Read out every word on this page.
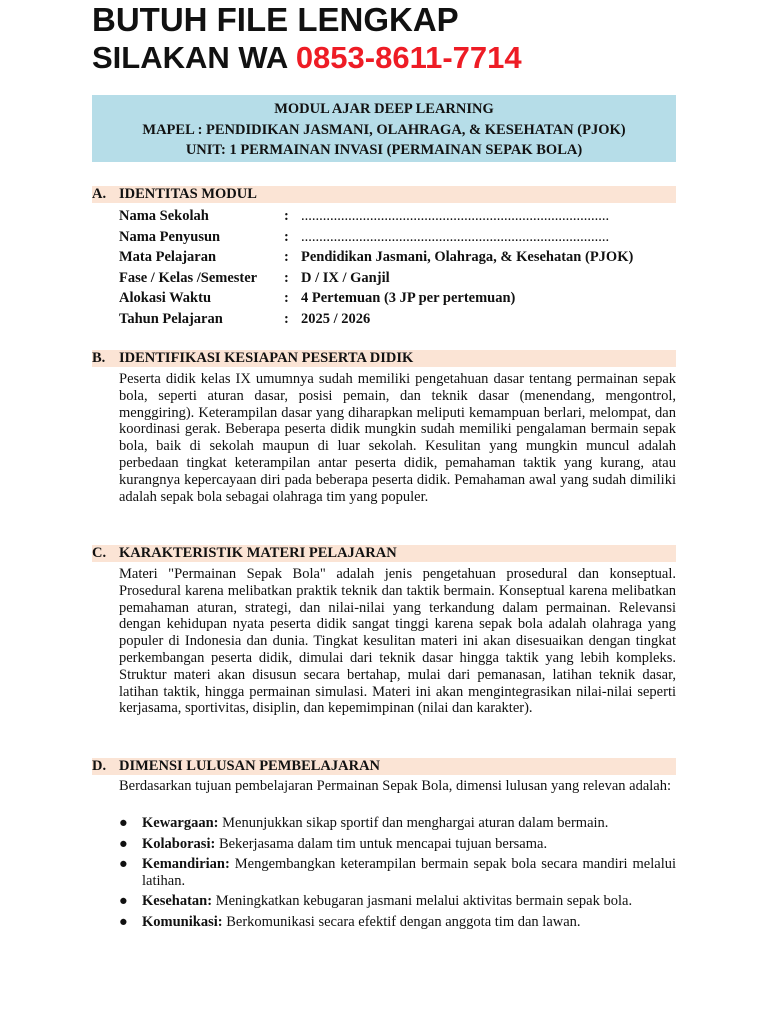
BUTUH FILE LENGKAP
SILAKAN WA 0853-8611-7714
MODUL AJAR DEEP LEARNING
MAPEL : PENDIDIKAN JASMANI, OLAHRAGA, & KESEHATAN (PJOK)
UNIT: 1 PERMAINAN INVASI (PERMAINAN SEPAK BOLA)
A. IDENTITAS MODUL
Nama Sekolah	: .....................................................................................
Nama Penyusun	: .....................................................................................
Mata Pelajaran	: Pendidikan Jasmani, Olahraga, & Kesehatan (PJOK)
Fase / Kelas /Semester : D / IX / Ganjil
Alokasi Waktu	: 4 Pertemuan (3 JP per pertemuan)
Tahun Pelajaran	: 2025 / 2026
B. IDENTIFIKASI KESIAPAN PESERTA DIDIK

Peserta didik kelas IX umumnya sudah memiliki pengetahuan dasar tentang permainan sepak bola, seperti aturan dasar, posisi pemain, dan teknik dasar (menendang, mengontrol, menggiring). Keterampilan dasar yang diharapkan meliputi kemampuan berlari, melompat, dan koordinasi gerak. Beberapa peserta didik mungkin sudah memiliki pengalaman bermain sepak bola, baik di sekolah maupun di luar sekolah. Kesulitan yang mungkin muncul adalah perbedaan tingkat keterampilan antar peserta didik, pemahaman taktik yang kurang, atau kurangnya kepercayaan diri pada beberapa peserta didik. Pemahaman awal yang sudah dimiliki adalah sepak bola sebagai olahraga tim yang populer.

C. KARAKTERISTIK MATERI PELAJARAN

Materi "Permainan Sepak Bola" adalah jenis pengetahuan prosedural dan konseptual. Prosedural karena melibatkan praktik teknik dan taktik bermain. Konseptual karena melibatkan pemahaman aturan, strategi, dan nilai-nilai yang terkandung dalam permainan. Relevansi dengan kehidupan nyata peserta didik sangat tinggi karena sepak bola adalah olahraga yang populer di Indonesia dan dunia. Tingkat kesulitan materi ini akan disesuaikan dengan tingkat perkembangan peserta didik, dimulai dari teknik dasar hingga taktik yang lebih kompleks. Struktur materi akan disusun secara bertahap, mulai dari pemanasan, latihan teknik dasar, latihan taktik, hingga permainan simulasi. Materi ini akan mengintegrasikan nilai-nilai seperti kerjasama, sportivitas, disiplin, dan kepemimpinan (nilai dan karakter).

D. DIMENSI LULUSAN PEMBELAJARAN

Berdasarkan tujuan pembelajaran Permainan Sepak Bola, dimensi lulusan yang relevan adalah:

● Kewargaan: Menunjukkan sikap sportif dan menghargai aturan dalam bermain.
● Kolaborasi: Bekerjasama dalam tim untuk mencapai tujuan bersama.
● Kemandirian: Mengembangkan keterampilan bermain sepak bola secara mandiri melalui latihan.
● Kesehatan: Meningkatkan kebugaran jasmani melalui aktivitas bermain sepak bola.
● Komunikasi: Berkomunikasi secara efektif dengan anggota tim dan lawan.
